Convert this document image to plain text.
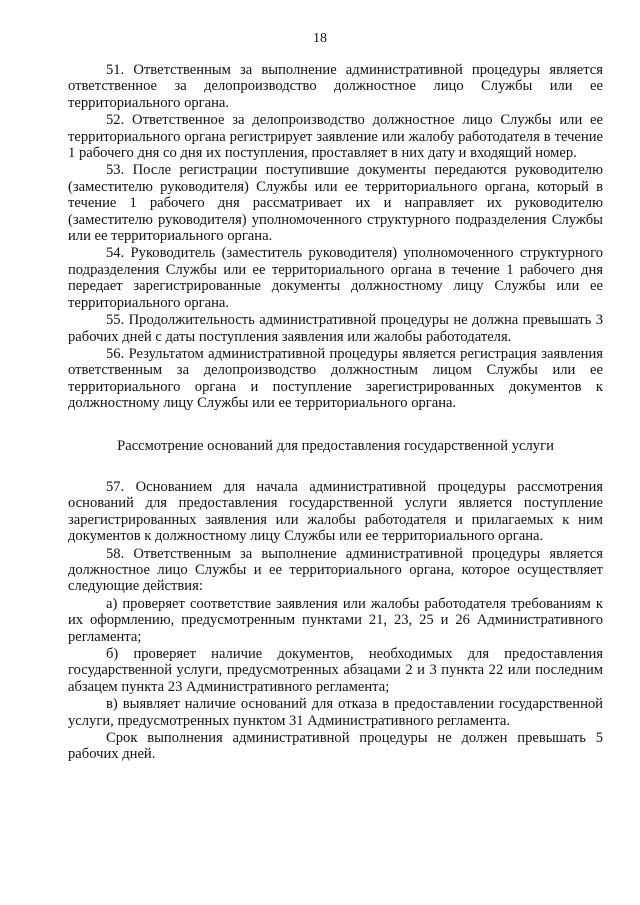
18

51. Ответственным за выполнение административной процедуры является ответственное за делопроизводство должностное лицо Службы или ее территориального органа.

52. Ответственное за делопроизводство должностное лицо Службы или ее территориального органа регистрирует заявление или жалобу работодателя в течение 1 рабочего дня со дня их поступления, проставляет в них дату и входящий номер.

53. После регистрации поступившие документы передаются руководителю (заместителю руководителя) Службы или ее территориального органа, который в течение 1 рабочего дня рассматривает их и направляет их руководителю (заместителю руководителя) уполномоченного структурного подразделения Службы или ее территориального органа.

54. Руководитель (заместитель руководителя) уполномоченного структурного подразделения Службы или ее территориального органа в течение 1 рабочего дня передает зарегистрированные документы должностному лицу Службы или ее территориального органа.

55. Продолжительность административной процедуры не должна превышать 3 рабочих дней с даты поступления заявления или жалобы работодателя.

56. Результатом административной процедуры является регистрация заявления ответственным за делопроизводство должностным лицом Службы или ее территориального органа и поступление зарегистрированных документов к должностному лицу Службы или ее территориального органа.

Рассмотрение оснований для предоставления государственной услуги

57. Основанием для начала административной процедуры рассмотрения оснований для предоставления государственной услуги является поступление зарегистрированных заявления или жалобы работодателя и прилагаемых к ним документов к должностному лицу Службы или ее территориального органа.

58. Ответственным за выполнение административной процедуры является должностное лицо Службы и ее территориального органа, которое осуществляет следующие действия:

а) проверяет соответствие заявления или жалобы работодателя требованиям к их оформлению, предусмотренным пунктами 21, 23, 25 и 26 Административного регламента;

б) проверяет наличие документов, необходимых для предоставления государственной услуги, предусмотренных абзацами 2 и 3 пункта 22 или последним абзацем пункта 23 Административного регламента;

в) выявляет наличие оснований для отказа в предоставлении государственной услуги, предусмотренных пунктом 31 Административного регламента.

Срок выполнения административной процедуры не должен превышать 5 рабочих дней.
